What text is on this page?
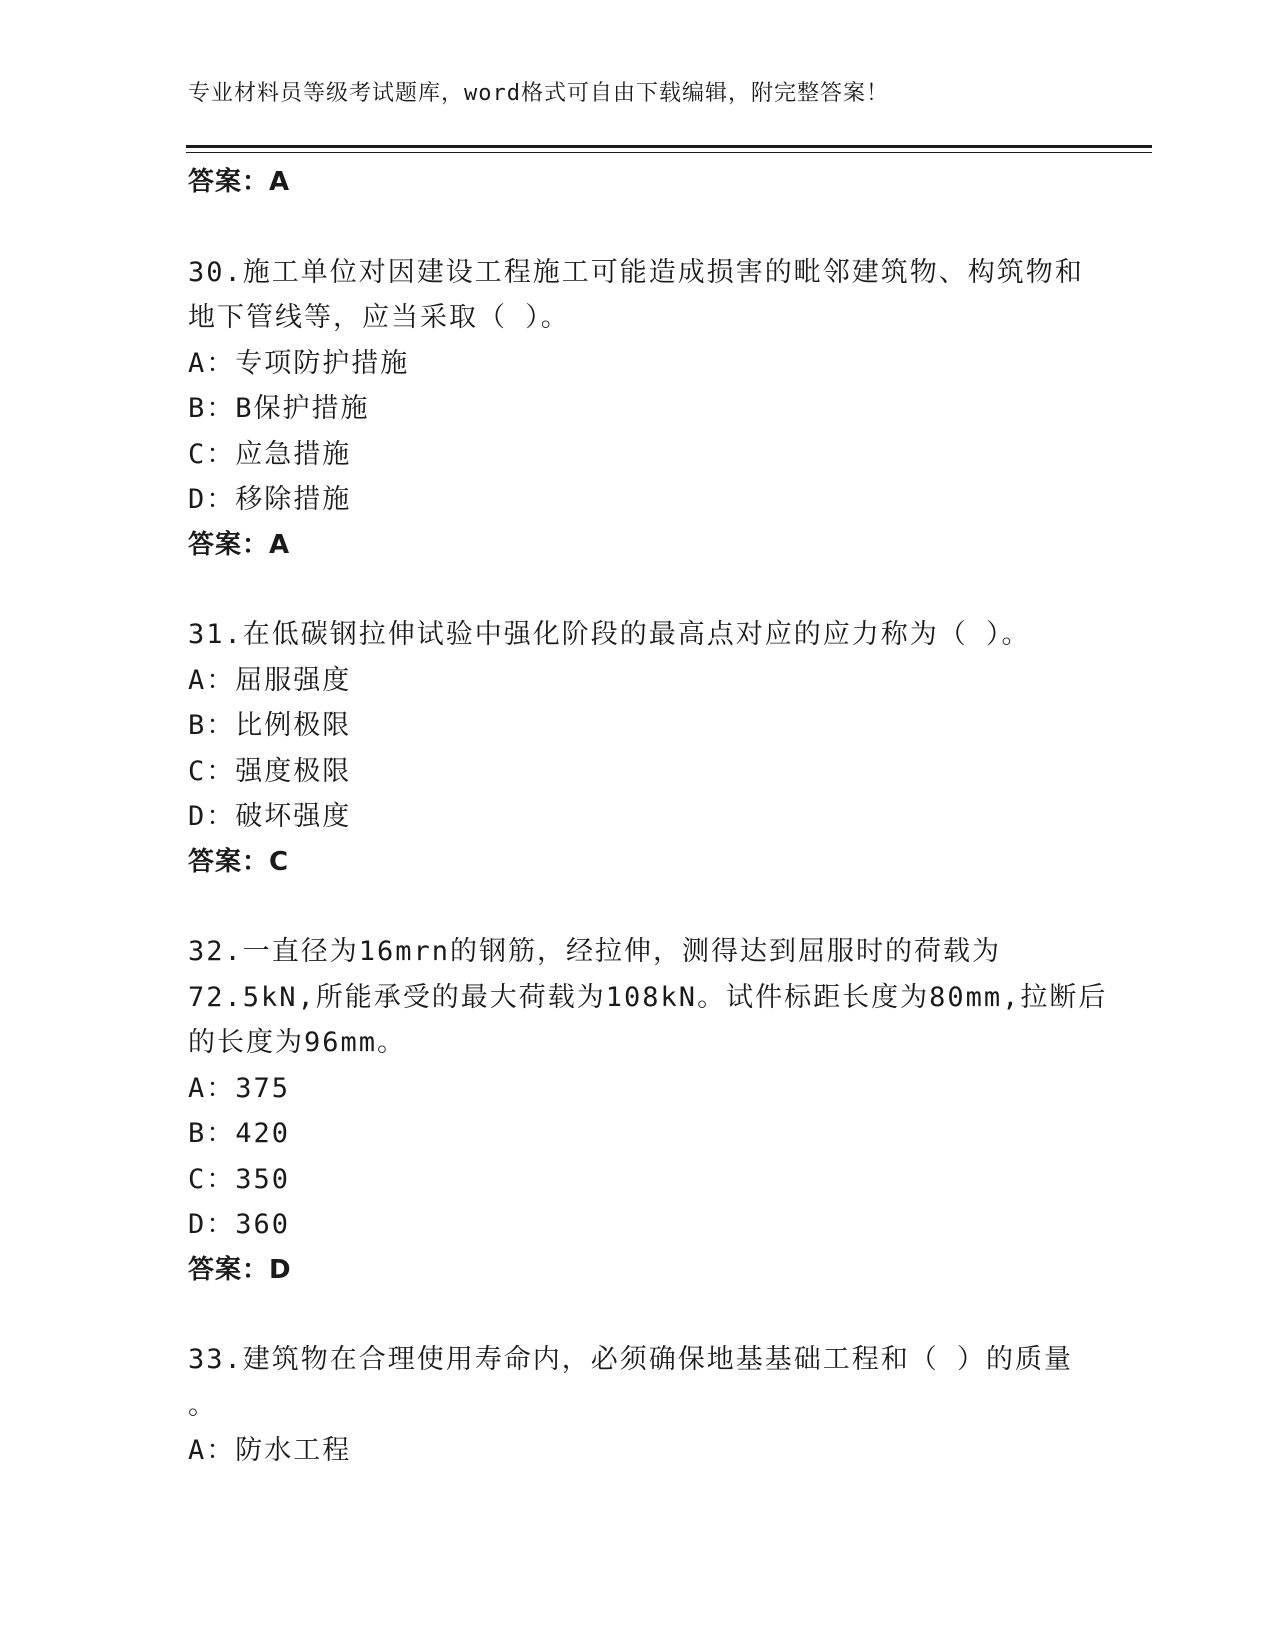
专业材料员等级考试题库，word格式可自由下载编辑，附完整答案！
答案：A
30.施工单位对因建设工程施工可能造成损害的毗邻建筑物、构筑物和
地下管线等，应当采取（ ）。
A：专项防护措施
B：B保护措施
C：应急措施
D：移除措施
答案：A
31.在低碳钢拉伸试验中强化阶段的最高点对应的应力称为（ ）。
A：屈服强度
B：比例极限
C：强度极限
D：破坏强度
答案：C
32.一直径为16mrn的钢筋，经拉伸，测得达到屈服时的荷载为
72.5kN,所能承受的最大荷载为108kN。试件标距长度为80mm,拉断后
的长度为96mm。
A：375
B：420
C：350
D：360
答案：D
33.建筑物在合理使用寿命内，必须确保地基基础工程和（ ）的质量
。
A：防水工程
